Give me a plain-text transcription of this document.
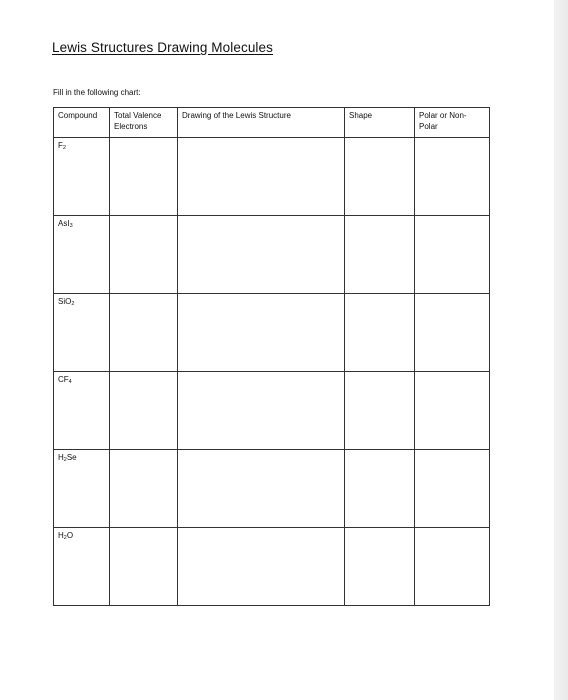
Lewis Structures Drawing Molecules
Fill in the following chart:
Compound	Total Valence Electrons	Drawing of the Lewis Structure	Shape	Polar or Non-Polar

$F_2$

AsI$_3$

SiO$_2$

$CF_4$

$H_2Se$				

$H_2O$				
